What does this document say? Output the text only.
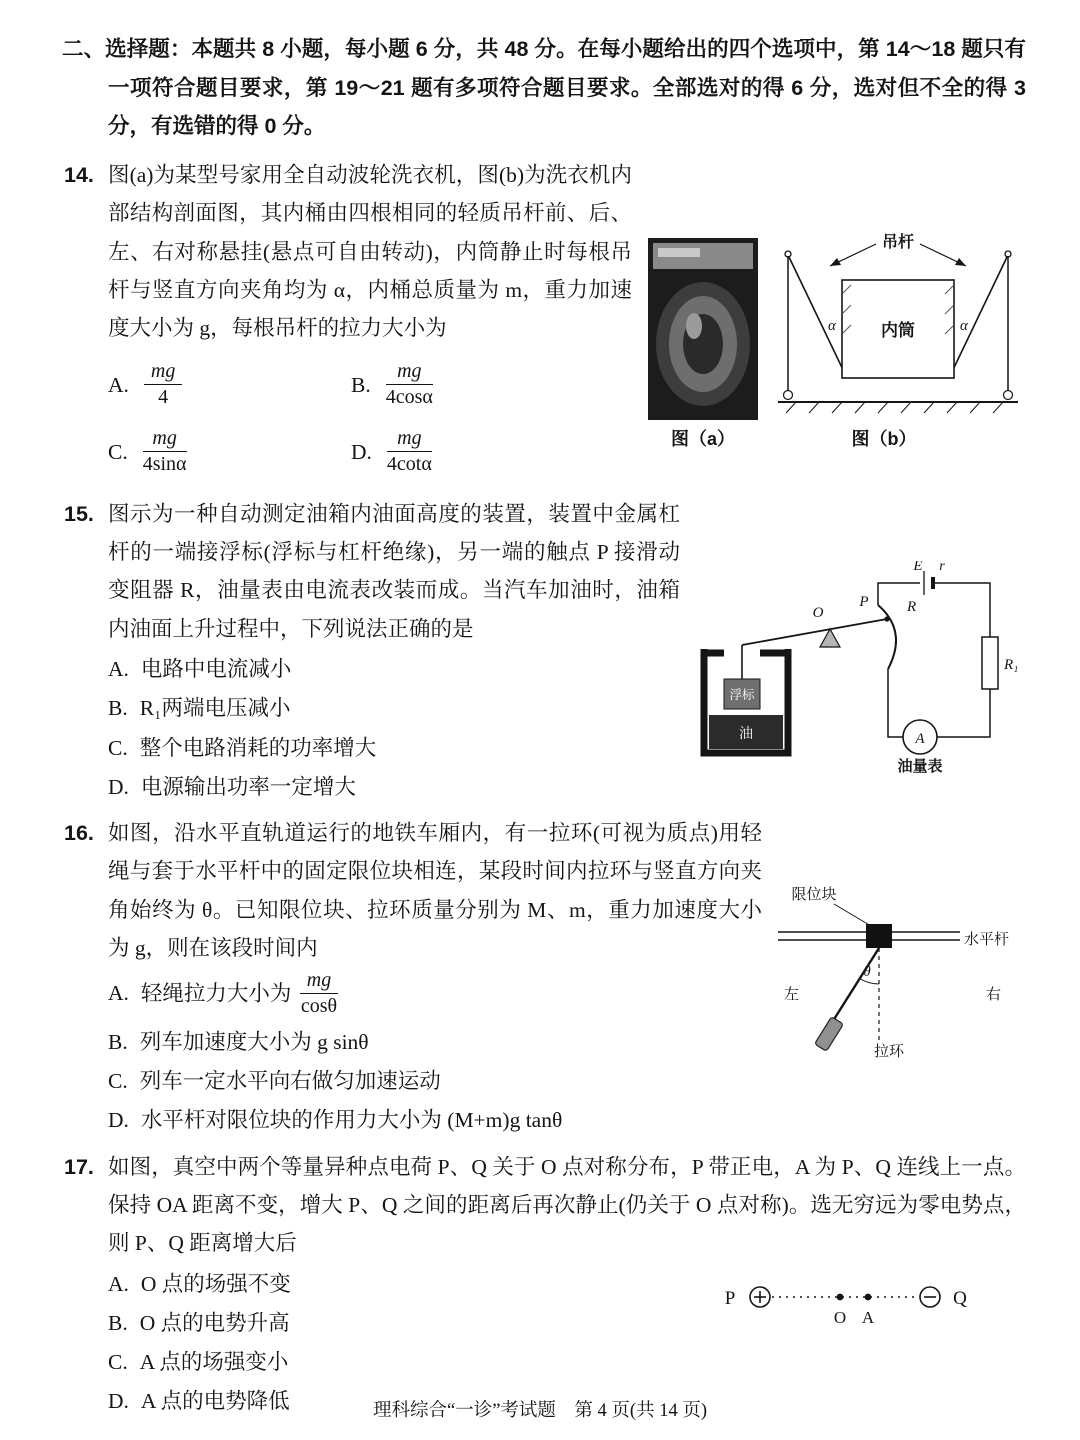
二、选择题：本题共 8 小题，每小题 6 分，共 48 分。在每小题给出的四个选项中，第 14～18 题只有一项符合题目要求，第 19～21 题有多项符合题目要求。全部选对的得 6 分，选对但不全的得 3 分，有选错的得 0 分。

14.

内筒
吊杆
α	α
图（a）	图（b）
图(a)为某型号家用全自动波轮洗衣机，图(b)为洗衣机内部结构剖面图，其内桶由四根相同的轻质吊杆前、后、左、右对称悬挂(悬点可自由转动)，内筒静止时每根吊杆与竖直方向夹角均为 α，内桶总质量为 m，重力加速度大小为 g，每根吊杆的拉力大小为

A. $\frac{mg}{4}$	B. $\frac{mg}{4\cos\alpha}$

C. $\frac{mg}{4\sin\alpha}$	D. $\frac{mg}{4\cot\alpha}$
15.

油
浮标
O
P	R
E r
R₁
A
油量表
图示为一种自动测定油箱内油面高度的装置，装置中金属杠杆的一端接浮标(浮标与杠杆绝缘)，另一端的触点 P 接滑动变阻器 R，油量表由电流表改装而成。当汽车加油时，油箱内油面上升过程中，下列说法正确的是

A. 电路中电流减小
B. R₁两端电压减小
C. 整个电路消耗的功率增大
D. 电源输出功率一定增大
16.

限位块
水平杆
θ
拉环
左	右
如图，沿水平直轨道运行的地铁车厢内，有一拉环(可视为质点)用轻绳与套于水平杆中的固定限位块相连，某段时间内拉环与竖直方向夹角始终为 θ。已知限位块、拉环质量分别为 M、m，重力加速度大小为 g，则在该段时间内

A. 轻绳拉力大小为 $\frac{mg}{\cos\theta}$
B. 列车加速度大小为 g sinθ
C. 列车一定水平向右做匀加速运动
D. 水平杆对限位块的作用力大小为 (M+m)g tanθ
17. 如图，真空中两个等量异种点电荷 P、Q 关于 O 点对称分布，P 带正电，A 为 P、Q 连线上一点。保持 OA 距离不变，增大 P、Q 之间的距离后再次静止(仍关于 O 点对称)。选无穷远为零电势点，则 P、Q 距离增大后

P
O A
Q
A. O 点的场强不变
B. O 点的电势升高
C. A 点的场强变小
D. A 点的电势降低	理科综合“一诊”考试题　第 4 页(共 14 页)
